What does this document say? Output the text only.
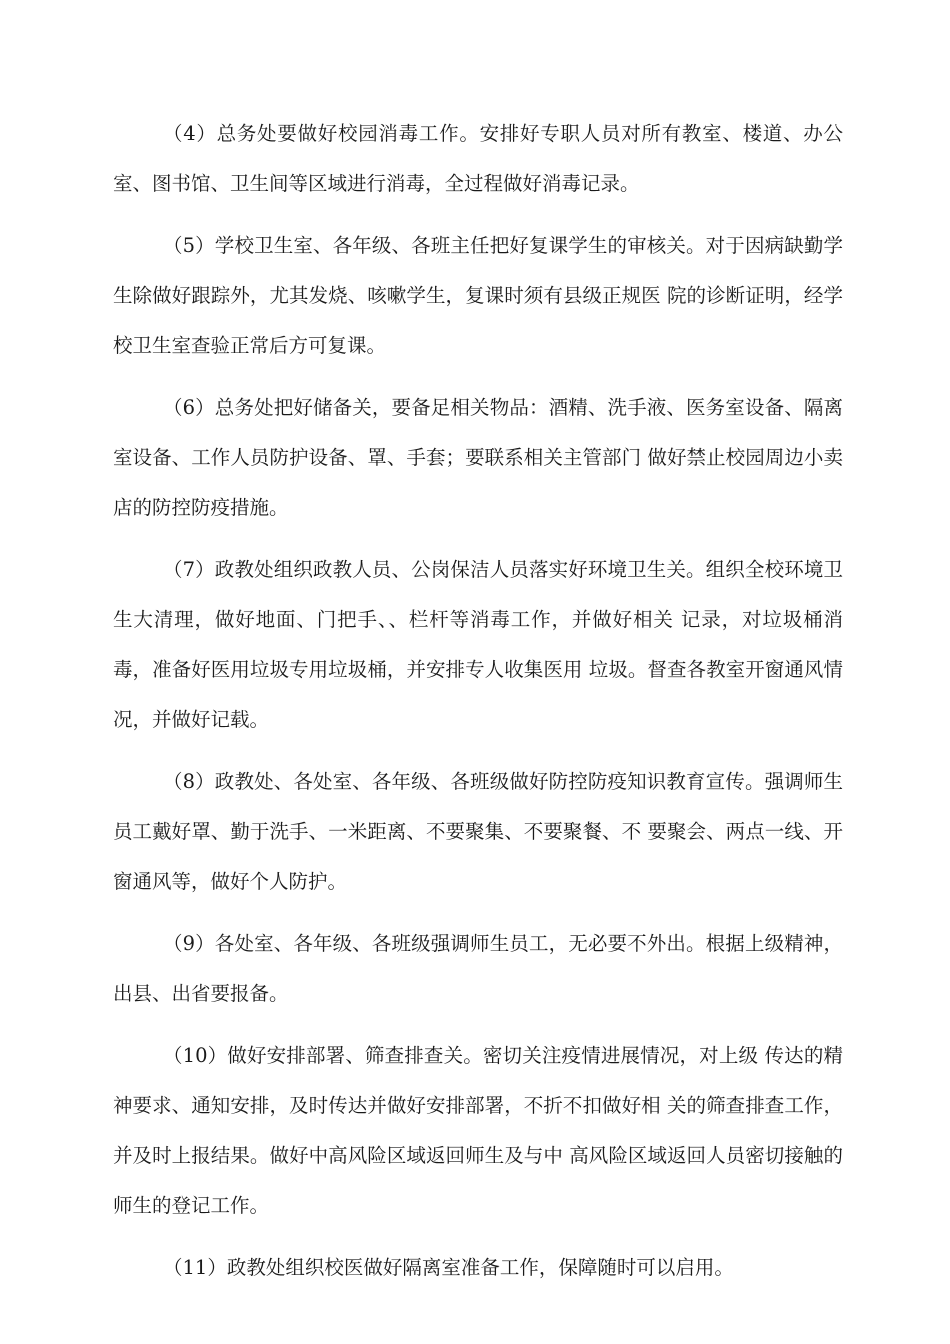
（4）总务处要做好校园消毒工作。安排好专职人员对所有教室、楼道、办公室、图书馆、卫生间等区域进行消毒，全过程做好消毒记录。

（5）学校卫生室、各年级、各班主任把好复课学生的审核关。对于因病缺勤学生除做好跟踪外，尤其发烧、咳嗽学生，复课时须有县级正规医 院的诊断证明，经学校卫生室查验正常后方可复课。

（6）总务处把好储备关，要备足相关物品：酒精、洗手液、医务室设备、隔离室设备、工作人员防护设备、罩、手套；要联系相关主管部门 做好禁止校园周边小卖店的防控防疫措施。

（7）政教处组织政教人员、公岗保洁人员落实好环境卫生关。组织全校环境卫生大清理，做好地面、门把手、、栏杆等消毒工作，并做好相关 记录，对垃圾桶消毒，准备好医用垃圾专用垃圾桶，并安排专人收集医用 垃圾。督查各教室开窗通风情况，并做好记载。

（8）政教处、各处室、各年级、各班级做好防控防疫知识教育宣传。强调师生员工戴好罩、勤于洗手、一米距离、不要聚集、不要聚餐、不 要聚会、两点一线、开窗通风等，做好个人防护。

（9）各处室、各年级、各班级强调师生员工，无必要不外出。根据上级精神，出县、出省要报备。

（10）做好安排部署、筛查排查关。密切关注疫情进展情况，对上级 传达的精神要求、通知安排，及时传达并做好安排部署，不折不扣做好相 关的筛查排查工作，并及时上报结果。做好中高风险区域返回师生及与中 高风险区域返回人员密切接触的师生的登记工作。

（11）政教处组织校医做好隔离室准备工作，保障随时可以启用。
